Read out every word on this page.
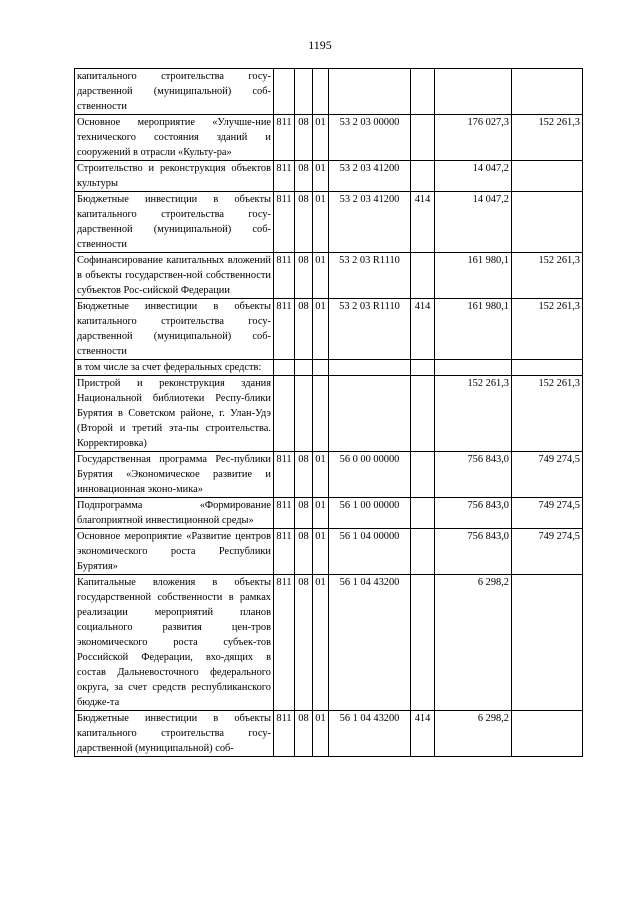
1195
капитального строительства госу-дарственной (муниципальной) соб-ственности							
Основное мероприятие «Улучше-ние технического состояния зданий и сооружений в отрасли «Культу-ра»	811	08	01	53 2 03 00000		176 027,3	152 261,3
Строительство и реконструкция объектов культуры	811	08	01	53 2 03 41200		14 047,2	
Бюджетные инвестиции в объекты капитального строительства госу-дарственной (муниципальной) соб-ственности	811	08	01	53 2 03 41200	414	14 047,2	
Софинансирование капитальных вложений в объекты государствен-ной собственности субъектов Рос-сийской Федерации	811	08	01	53 2 03 R1110		161 980,1	152 261,3
Бюджетные инвестиции в объекты капитального строительства госу-дарственной (муниципальной) соб-ственности	811	08	01	53 2 03 R1110	414	161 980,1	152 261,3
в том числе за счет федеральных средств:							
Пристрой и реконструкция здания Национальной библиотеки Респу-блики Бурятия в Советском районе, г. Улан-Удэ (Второй и третий эта-пы строительства. Корректировка)						152 261,3	152 261,3
Государственная программа Рес-публики Бурятия «Экономическое развитие и инновационная эконо-мика»	811	08	01	56 0 00 00000		756 843,0	749 274,5
Подпрограмма «Формирование благоприятной инвестиционной среды»	811	08	01	56 1 00 00000		756 843,0	749 274,5
Основное мероприятие «Развитие центров экономического роста Республики Бурятия»	811	08	01	56 1 04 00000		756 843,0	749 274,5
Капитальные вложения в объекты государственной собственности в рамках реализации мероприятий планов социального развития цен-тров экономического роста субъек-тов Российской Федерации, вхо-дящих в состав Дальневосточного федерального округа, за счет средств республиканского бюдже-та	811	08	01	56 1 04 43200		6 298,2	
Бюджетные инвестиции в объекты капитального строительства госу-дарственной (муниципальной) соб-	811	08	01	56 1 04 43200	414	6 298,2	
